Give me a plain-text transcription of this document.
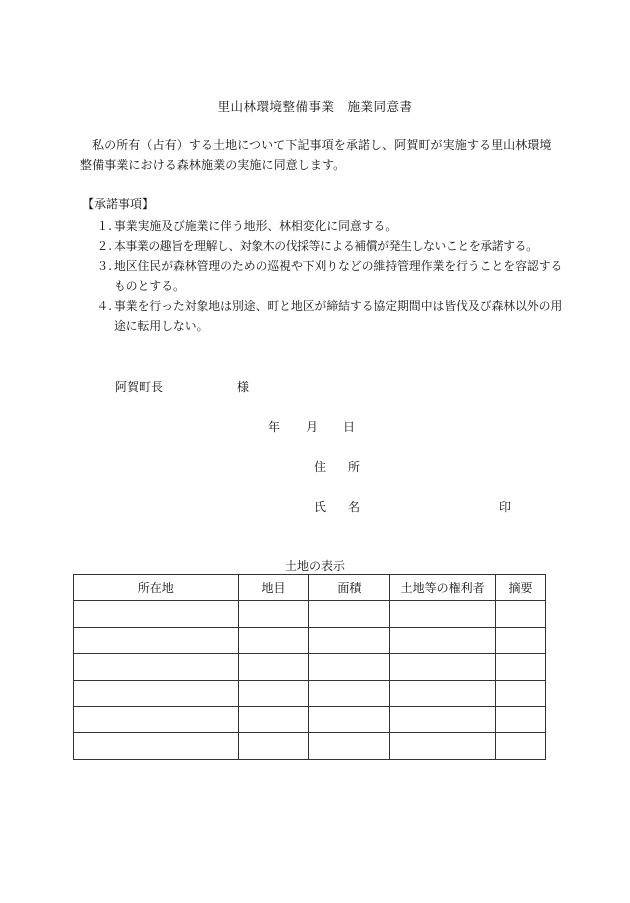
里山林環境整備事業　施業同意書

私の所有（占有）する土地について下記事項を承諾し、阿賀町が実施する里山林環境整備事業における森林施業の実施に同意します。

【承諾事項】
１. 事業実施及び施業に伴う地形、林相変化に同意する。
２. 本事業の趣旨を理解し、対象木の伐採等による補償が発生しないことを承諾する。
３. 地区住民が森林管理のための巡視や下刈りなどの維持管理作業を行うことを容認するものとする。
４. 事業を行った対象地は別途、町と地区が締結する協定期間中は皆伐及び森林以外の用途に転用しない。
阿賀町長	様
年 月 日
住 所
氏 名	印
土地の表示
所在地	地目	面積	土地等の権利者	摘要
